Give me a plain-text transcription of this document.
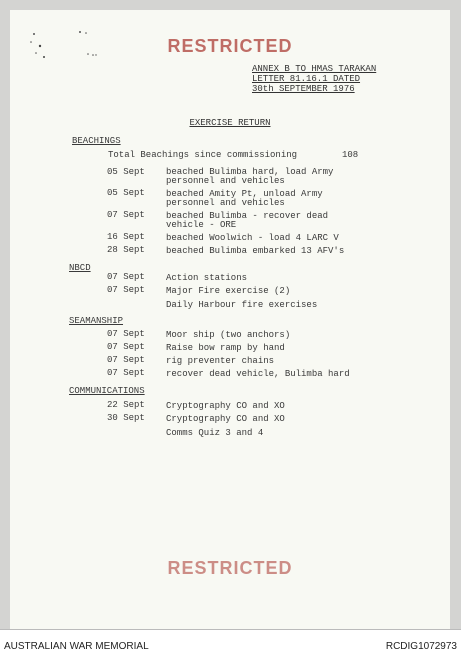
RESTRICTED
ANNEX B TO HMAS TARAKAN
LETTER 81.16.1 DATED
30th SEPTEMBER 1976
EXERCISE RETURN
BEACHINGS
Total Beachings since commissioning	108
05 Sept beached Bulimba hard, load Army
personnel and vehicles
05 Sept beached Amity Pt, unload Army
personnel and vehicles
07 Sept beached Bulimba - recover dead
vehicle - ORE
16 Sept beached Woolwich - load 4 LARC V
28 Sept beached Bulimba embarked 13 AFV's
NBCD
07 Sept Action stations
07 Sept Major Fire exercise (2)
Daily Harbour fire exercises
SEAMANSHIP
07 Sept Moor ship (two anchors)
07 Sept Raise bow ramp by hand
07 Sept rig preventer chains
07 Sept recover dead vehicle, Bulimba hard
COMMUNICATIONS
22 Sept Cryptography CO and XO
30 Sept Cryptography CO and XO
Comms Quiz 3 and 4
RESTRICTED
AUSTRALIAN WAR MEMORIAL	RCDIG1072973
